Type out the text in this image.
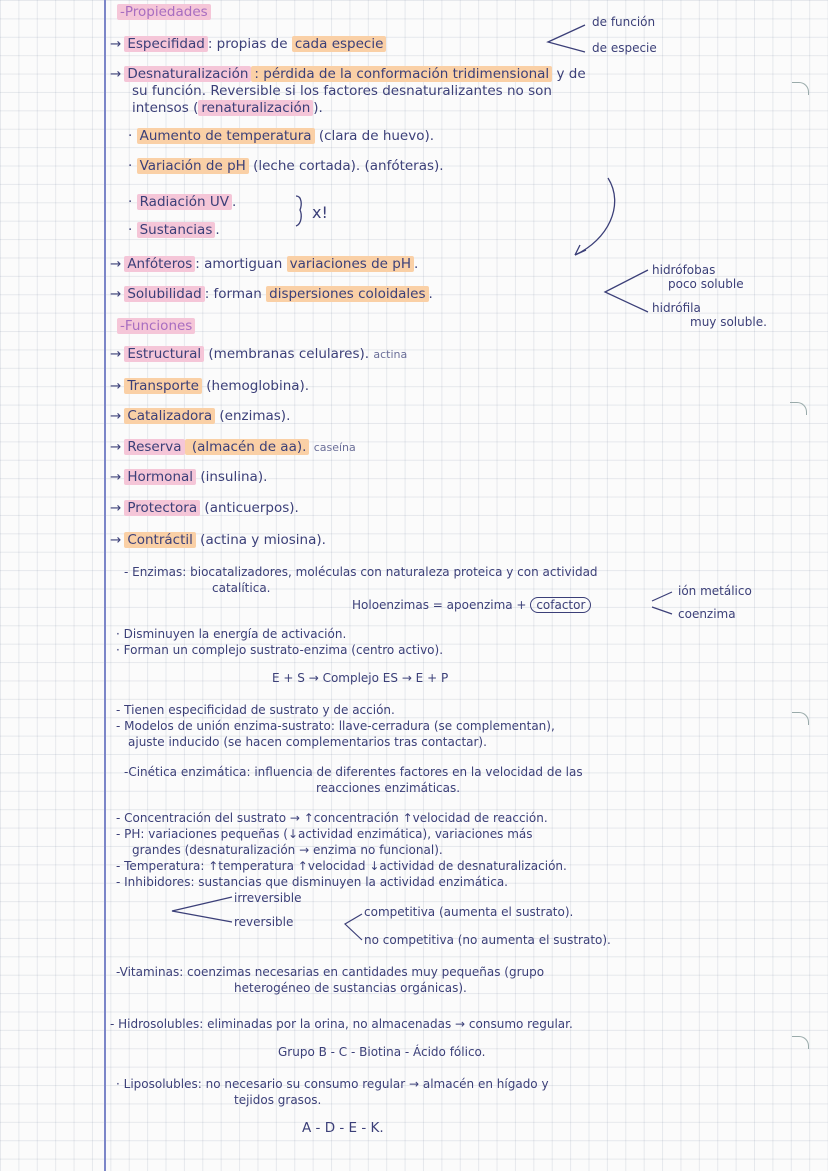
-Propiedades
→ Especifidad : propias de cada especie
de función
de especie
→ Desnaturalización : pérdida de la conformación tridimensional y de
su función. Reversible si los factores desnaturalizantes no son
intensos ( renaturalización ).
· Aumento de temperatura (clara de huevo).
· Variación de pH (leche cortada). (anfóteras).
· Radiación UV .
· Sustancias .
x!
→ Anfóteros : amortiguan variaciones de pH .
→ Solubilidad : forman dispersiones coloidales .
hidrófobas
poco soluble
hidrófila
muy soluble.
-Funciones
→ Estructural (membranas celulares). actina
→ Transporte (hemoglobina).
→ Catalizadora (enzimas).
→ Reserva (almacén de aa). caseína
→ Hormonal (insulina).
→ Protectora (anticuerpos).
→ Contráctil (actina y miosina).
- Enzimas: biocatalizadores, moléculas con naturaleza proteica y con actividad
catalítica.
Holoenzimas = apoenzima + cofactor
ión metálico
coenzima
· Disminuyen la energía de activación.
· Forman un complejo sustrato-enzima (centro activo).
E + S → Complejo ES → E + P
- Tienen especificidad de sustrato y de acción.
- Modelos de unión enzima-sustrato: llave-cerradura (se complementan),
ajuste inducido (se hacen complementarios tras contactar).
-Cinética enzimática: influencia de diferentes factores en la velocidad de las
reacciones enzimáticas.
- Concentración del sustrato → ↑concentración ↑velocidad de reacción.
- PH: variaciones pequeñas (↓actividad enzimática), variaciones más
grandes (desnaturalización → enzima no funcional).
- Temperatura: ↑temperatura ↑velocidad ↓actividad de desnaturalización.
- Inhibidores: sustancias que disminuyen la actividad enzimática.
irreversible
reversible
competitiva (aumenta el sustrato).
no competitiva (no aumenta el sustrato).
-Vitaminas: coenzimas necesarias en cantidades muy pequeñas (grupo
heterogéneo de sustancias orgánicas).
- Hidrosolubles: eliminadas por la orina, no almacenadas → consumo regular.
Grupo B - C - Biotina - Ácido fólico.
· Liposolubles: no necesario su consumo regular → almacén en hígado y
tejidos grasos.
A - D - E - K.
